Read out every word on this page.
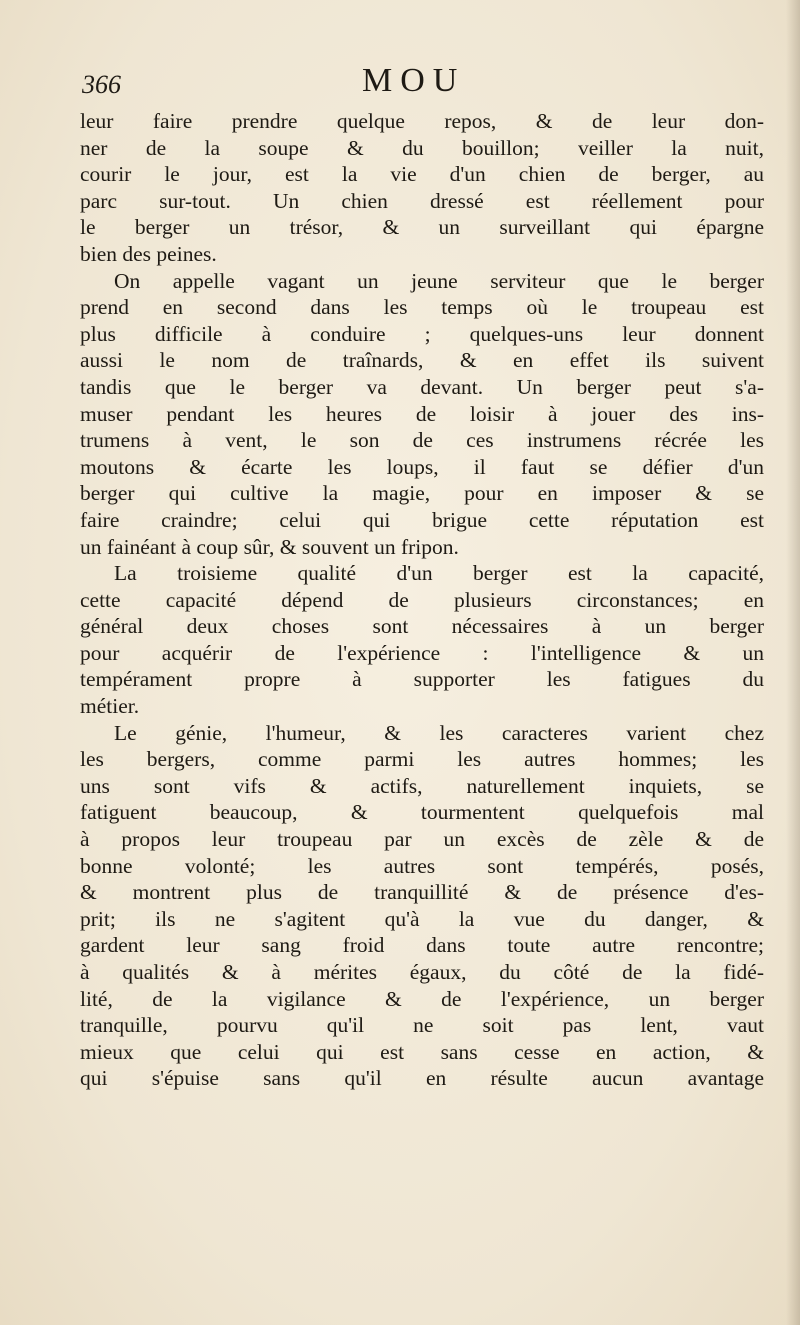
366	MOU
leur faire prendre quelque repos, & de leur don-
ner de la soupe & du bouillon; veiller la nuit,
courir le jour, est la vie d'un chien de berger, au
parc sur-tout. Un chien dressé est réellement pour
le berger un trésor, & un surveillant qui épargne
bien des peines.
On appelle vagant un jeune serviteur que le berger
prend en second dans les temps où le troupeau est
plus difficile à conduire ; quelques-uns leur donnent
aussi le nom de traînards, & en effet ils suivent
tandis que le berger va devant. Un berger peut s'a-
muser pendant les heures de loisir à jouer des ins-
trumens à vent, le son de ces instrumens récrée les
moutons & écarte les loups, il faut se défier d'un
berger qui cultive la magie, pour en imposer & se
faire craindre; celui qui brigue cette réputation est
un fainéant à coup sûr, & souvent un fripon.
La troisieme qualité d'un berger est la capacité,
cette capacité dépend de plusieurs circonstances; en
général deux choses sont nécessaires à un berger
pour acquérir de l'expérience : l'intelligence & un
tempérament propre à supporter les fatigues du
métier.
Le génie, l'humeur, & les caracteres varient chez
les bergers, comme parmi les autres hommes; les
uns sont vifs & actifs, naturellement inquiets, se
fatiguent beaucoup, & tourmentent quelquefois mal
à propos leur troupeau par un excès de zèle & de
bonne volonté; les autres sont tempérés, posés,
& montrent plus de tranquillité & de présence d'es-
prit; ils ne s'agitent qu'à la vue du danger, &
gardent leur sang froid dans toute autre rencontre;
à qualités & à mérites égaux, du côté de la fidé-
lité, de la vigilance & de l'expérience, un berger
tranquille, pourvu qu'il ne soit pas lent, vaut
mieux que celui qui est sans cesse en action, &
qui s'épuise sans qu'il en résulte aucun avantage
